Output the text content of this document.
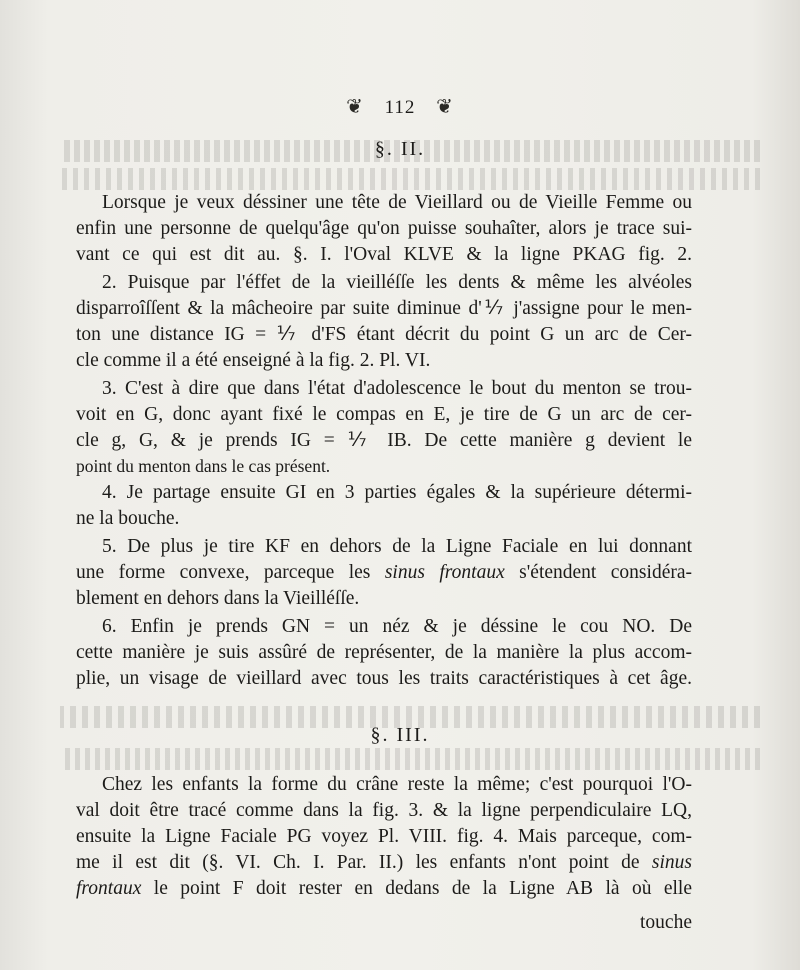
❦ 112 ❦
§. II.
Lorsque je veux déssiner une tête de Vieillard ou de Vieille Femme ou
enfin une personne de quelqu'âge qu'on puisse souhaîter, alors je trace sui-
vant ce qui est dit au. §. I. l'Oval KLVE & la ligne PKAG fig. 2.
2. Puisque par l'éffet de la vieilléſſe les dents & même les alvéoles
disparroîſſent & la mâcheoire par suite diminue d'⅐ j'assigne pour le men-
ton une distance IG = ⅐ d'FS étant décrit du point G un arc de Cer-
cle comme il a été enseigné à la fig. 2. Pl. VI.
3. C'est à dire que dans l'état d'adolescence le bout du menton se trou-
voit en G, donc ayant fixé le compas en E, je tire de G un arc de cer-
cle g, G, & je prends IG = ⅐ IB. De cette manière g devient le
point du menton dans le cas présent.
4. Je partage ensuite GI en 3 parties égales & la supérieure détermi-
ne la bouche.
5. De plus je tire KF en dehors de la Ligne Faciale en lui donnant
une forme convexe, parceque les sinus frontaux s'étendent considéra-
blement en dehors dans la Vieilléſſe.
6. Enfin je prends GN = un néz & je déssine le cou NO. De
cette manière je suis assûré de représenter, de la manière la plus accom-
plie, un visage de vieillard avec tous les traits caractéristiques à cet âge.
§. III.
Chez les enfants la forme du crâne reste la même; c'est pourquoi l'O-
val doit être tracé comme dans la fig. 3. & la ligne perpendiculaire LQ,
ensuite la Ligne Faciale PG voyez Pl. VIII. fig. 4. Mais parceque, com-
me il est dit (§. VI. Ch. I. Par. II.) les enfants n'ont point de sinus
frontaux le point F doit rester en dedans de la Ligne AB là où elle
touche
